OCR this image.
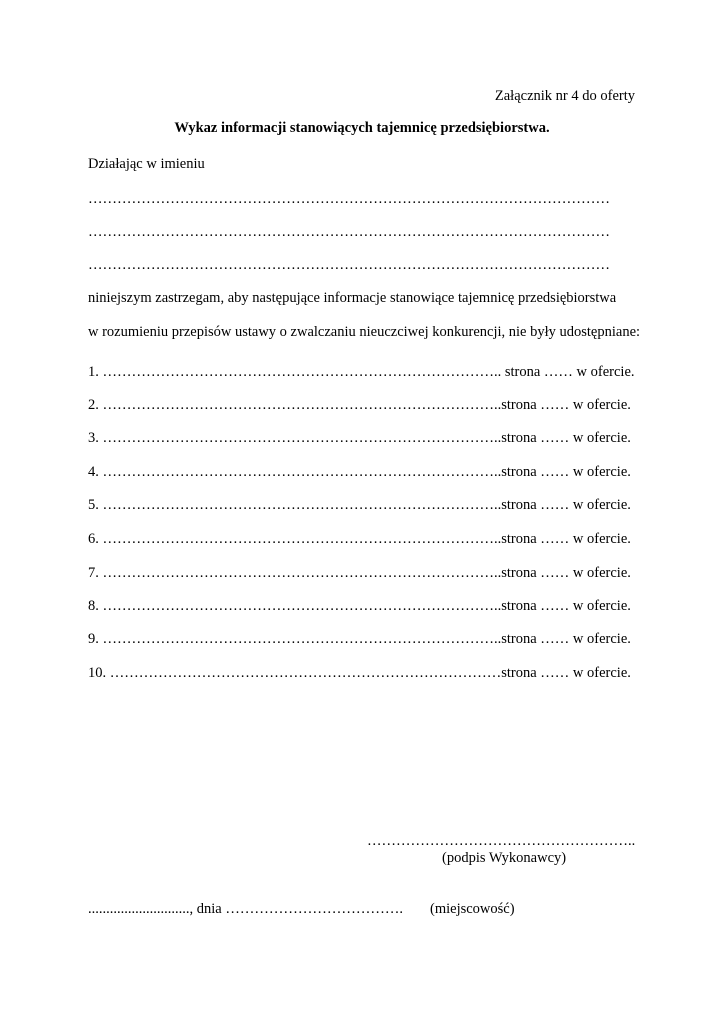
Załącznik nr 4 do oferty
Wykaz informacji stanowiących tajemnicę przedsiębiorstwa.
Działając w imieniu
………………………………………………………………………………………………
………………………………………………………………………………………………
………………………………………………………………………………………………
niniejszym zastrzegam, aby następujące informacje stanowiące tajemnicę przedsiębiorstwa
w rozumieniu przepisów ustawy o zwalczaniu nieuczciwej konkurencji, nie były udostępniane:
1. ……………………………………………………………………….. strona …… w ofercie.
2. ………………………………………………………………………..strona …… w ofercie.
3. ………………………………………………………………………..strona …… w ofercie.
4. ………………………………………………………………………..strona …… w ofercie.
5. ………………………………………………………………………..strona …… w ofercie.
6. ………………………………………………………………………..strona …… w ofercie.
7. ………………………………………………………………………..strona …… w ofercie.
8. ………………………………………………………………………..strona …… w ofercie.
9. ………………………………………………………………………..strona …… w ofercie.
10. ………………………………………………………………………strona …… w ofercie.
………………………………………………..
(podpis Wykonawcy)
............................, dnia ………………………………. (miejscowość)
